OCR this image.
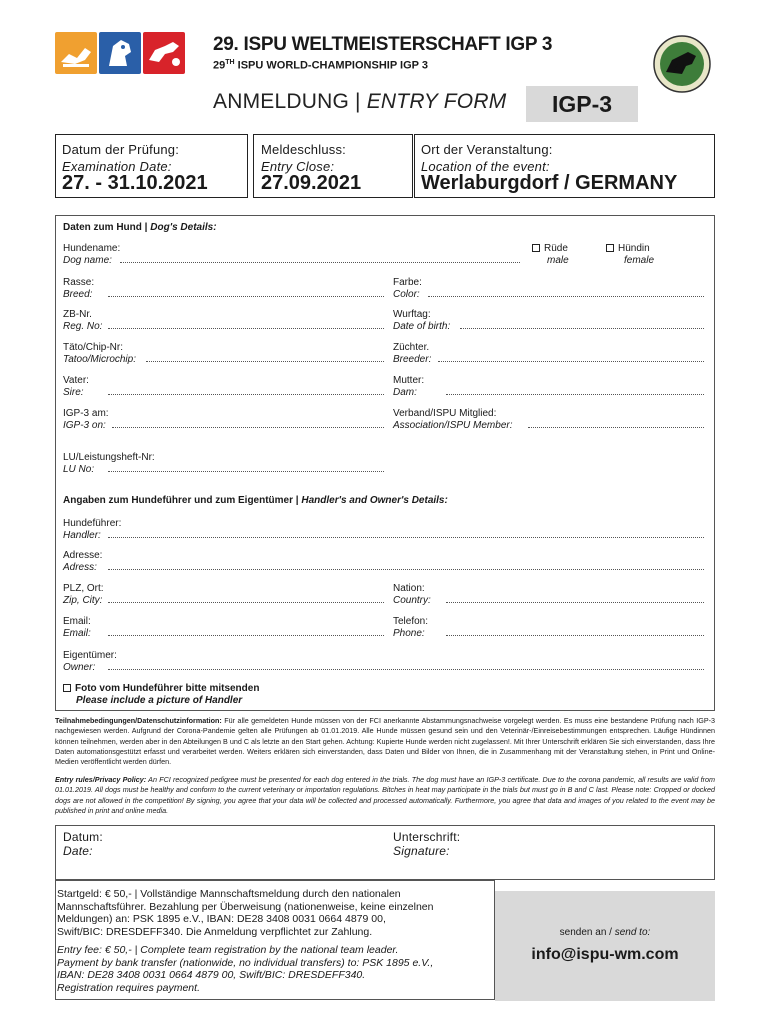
29. ISPU WELTMEISTERSCHAFT IGP 3
29TH ISPU WORLD-CHAMPIONSHIP IGP 3
ANMELDUNG | ENTRY FORM	IGP-3
Datum der Prüfung:
Examination Date:
27. - 31.10.2021
Meldeschluss:
Entry Close:
27.09.2021
Ort der Veranstaltung:
Location of the event:
Werlaburgdorf / GERMANY
Daten zum Hund | Dog's Details:
Hundename:
Dog name:
Rüde
male
Hündin
female
Rasse:
Breed:
Farbe:
Color:
ZB-Nr.
Reg. No:
Wurftag:
Date of birth:
Täto/Chip-Nr:
Tatoo/Microchip:
Züchter.
Breeder:
Vater:
Sire:
Mutter:
Dam:
IGP-3 am:
IGP-3 on:
Verband/ISPU Mitglied:
Association/ISPU Member:
LU/Leistungsheft-Nr:
LU No:
Angaben zum Hundeführer und zum Eigentümer | Handler's and Owner's Details:
Hundeführer:
Handler:
Adresse:
Adress:
PLZ, Ort:
Zip, City:
Nation:
Country:
Email:
Email:
Telefon:
Phone:
Eigentümer:
Owner:
Foto vom Hundeführer bitte mitsenden
Please include a picture of Handler
Teilnahmebedingungen/Datenschutzinformation: Für alle gemeldeten Hunde müssen von der FCI anerkannte Abstammungsnachweise vorgelegt werden. Es muss eine bestandene Prüfung nach IGP-3 nachgewiesen werden. Aufgrund der Corona-Pandemie gelten alle Prüfungen ab 01.01.2019. Alle Hunde müssen gesund sein und den Veterinär-/Einreisebestimmungen entsprechen. Läufige Hündinnen können teilnehmen, werden aber in den Abteilungen B und C als letzte an den Start gehen. Achtung: Kupierte Hunde werden nicht zugelassen!. Mit Ihrer Unterschrift erklären Sie sich einverstanden, dass Ihre Daten automationsgestützt erfasst und verarbeitet werden. Weiters erklären sich einverstanden, dass Daten und Bilder von Ihnen, die in Zusammenhang mit der Veranstaltung stehen, in Print und Online-Medien veröffentlicht werden dürfen.
Entry rules/Privacy Policy: An FCI recognized pedigree must be presented for each dog entered in the trials. The dog must have an IGP-3 certificate. Due to the corona pandemic, all results are valid from 01.01.2019. All dogs must be healthy and conform to the current veterinary or importation regulations. Bitches in heat may participate in the trials but must go in B and C last. Please note: Cropped or docked dogs are not allowed in the competition! By signing, you agree that your data will be collected and processed automatically. Furthermore, you agree that data and images of you related to the event may be published in print and online media.
Datum:
Date:
Unterschrift:
Signature:
Startgeld: € 50,- | Vollständige Mannschaftsmeldung durch den nationalen
Mannschaftsführer. Bezahlung per Überweisung (nationenweise, keine einzelnen
Meldungen) an: PSK 1895 e.V., IBAN: DE28 3408 0031 0664 4879 00,
Swift/BIC: DRESDEFF340. Die Anmeldung verpflichtet zur Zahlung.
Entry fee: € 50,- | Complete team registration by the national team leader.
Payment by bank transfer (nationwide, no individual transfers) to: PSK 1895 e.V.,
IBAN: DE28 3408 0031 0664 4879 00, Swift/BIC: DRESDEFF340.
Registration requires payment.
senden an / send to:
info@ispu-wm.com
